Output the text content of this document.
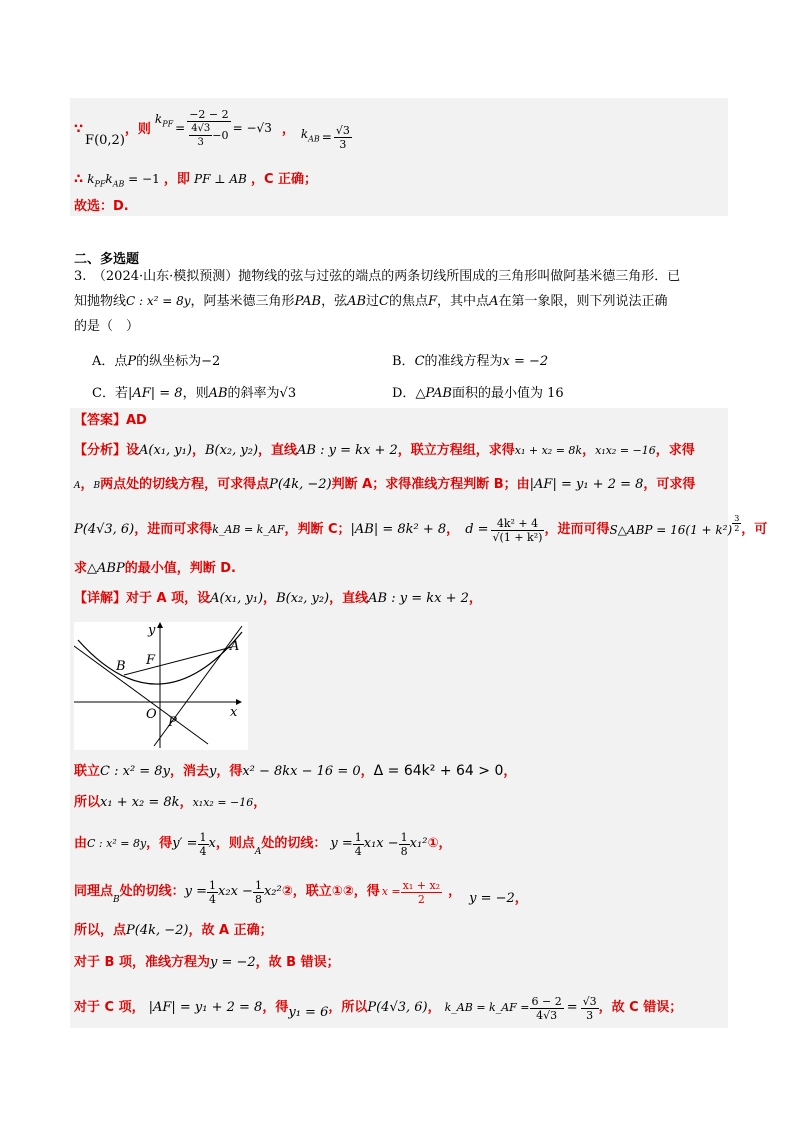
∵
F(0,2)
，则
$k_{PF} = \frac{-2 - 2}{\frac{4√3}{3} -0} = -√3$ ， $k_{AB} = \frac{√3}{3}$
∴ $k_{PF}k_{AB} = -1$ ，即 PF ⊥ AB ，C 正确；
故选：D.
二、多选题
3.　（2024·山东·模拟预测）抛物线的弦与过弦的端点的两条切线所围成的三角形叫做阿基米德三角形．已
知抛物线C : x² = 8y，阿基米德三角形PAB，弦AB过C的焦点F，其中点A在第一象限，则下列说法正确
的是（　）
A．点P的纵坐标为−2	B．C的准线方程为x = −2
C．若|AF| = 8，则AB的斜率为√3	D．△PAB面积的最小值为 16
【答案】AD
【分析】设A(x₁, y₁)，B(x₂, y₂)，直线AB : y = kx + 2，联立方程组，求得x₁ + x₂ = 8k，x₁x₂ = −16，求得
A，B两点处的切线方程，可求得点P(4k, −2)判断 A；求得准线方程判断 B；由|AF| = y₁ + 2 = 8，可求得
P(4√3, 6) ，进而可求得 k_AB = k_AF ，判断 C； |AB| = 8k² + 8 ， $d = \frac{\text{4k² + 4}}{\text{√(1 + k²)}}$ ，进而可得 S△ABP = $16(1 + k^2) \frac{3}{2}$ ，可
求△ABP的最小值，判断 D.
【详解】对于 A 项，设A(x₁, y₁)，B(x₂, y₂)，直线AB : y = kx + 2，
y
x
O
A
B F
P
联立C : x² = 8y，消去y，得x² − 8kx − 16 = 0，Δ = 64k² + 64 > 0，
所以x₁ + x₂ = 8k，x₁x₂ = −16，
由 C : x² = 8y ，得 $y' = \frac{1}{4}$ x ，则点
A
处的切线： $y = \frac{1}{4} x_1x - \frac{1}{8} x_1^2$ ① ，
同理点
B
处的切线： $y = \frac{1}{4} x_2x - \frac{1}{8} x_2^2$ ② ，联立①②，得 $x = \frac{\text{x₁ + x₂}}{2}$ ， y = −2 ，
所以，点P(4k, −2)，故 A 正确；
对于 B 项，准线方程为y = −2，故 B 错误；
对于 C 项， |AF| = y₁ + 2 = 8 ，得 y₁ = 6 ，所以 P(4√3, 6) ， k_AB = k_AF = $\frac{6 - 2}{4√3} = \frac{√3}{3}$ ，故 C 错误；
